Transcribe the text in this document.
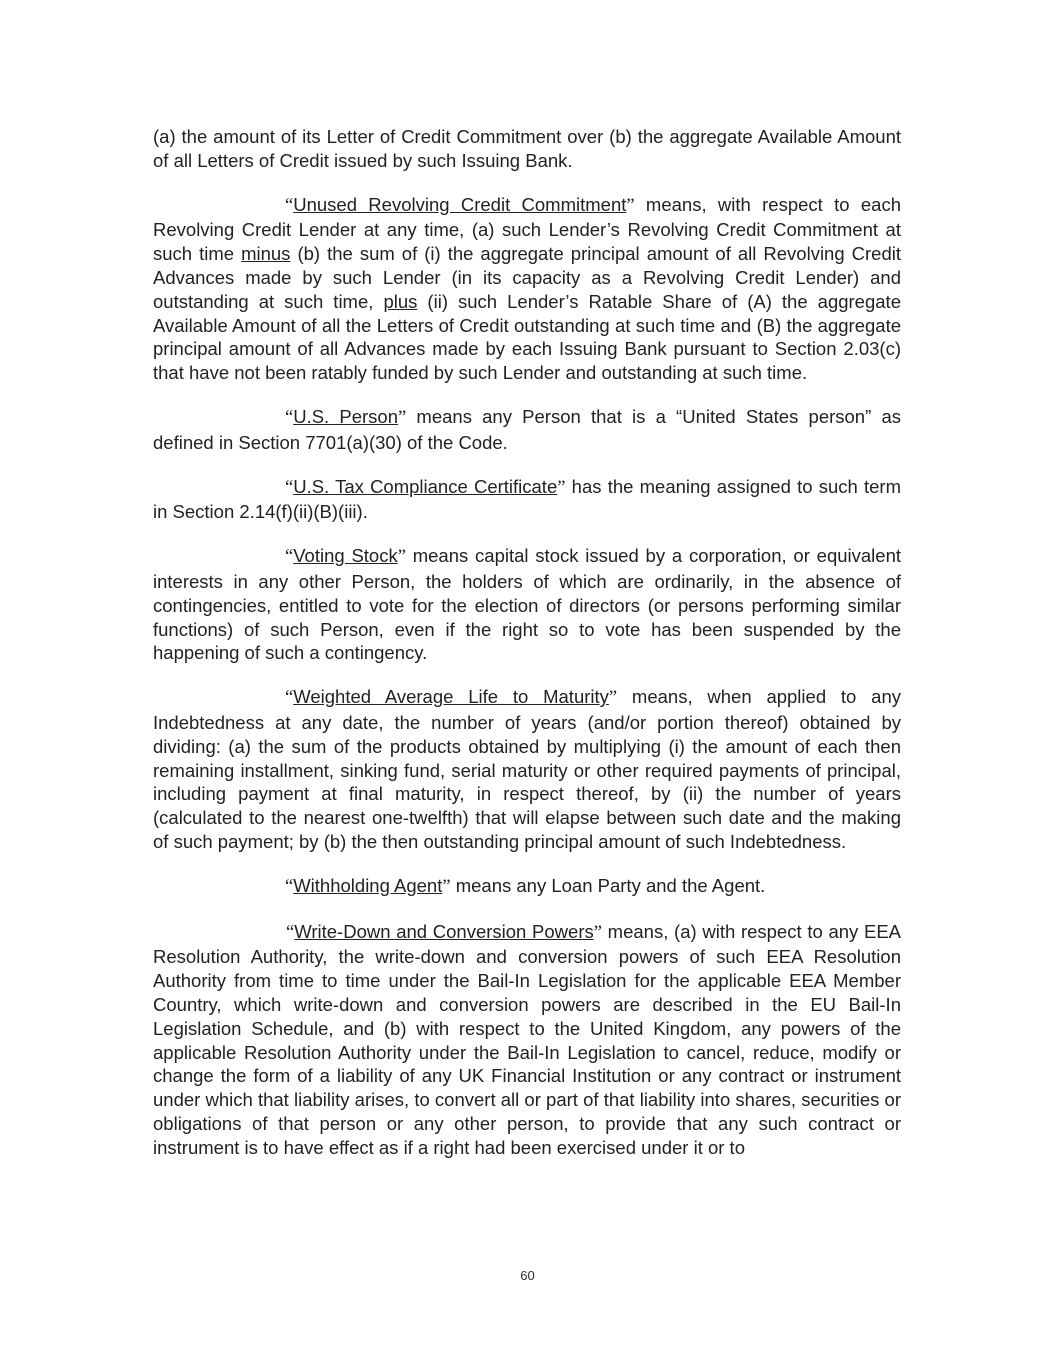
(a) the amount of its Letter of Credit Commitment over (b) the aggregate Available Amount of all Letters of Credit issued by such Issuing Bank.

“Unused Revolving Credit Commitment” means, with respect to each Revolving Credit Lender at any time, (a) such Lender’s Revolving Credit Commitment at such time minus (b) the sum of (i) the aggregate principal amount of all Revolving Credit Advances made by such Lender (in its capacity as a Revolving Credit Lender) and outstanding at such time, plus (ii) such Lender’s Ratable Share of (A) the aggregate Available Amount of all the Letters of Credit outstanding at such time and (B) the aggregate principal amount of all Advances made by each Issuing Bank pursuant to Section 2.03(c) that have not been ratably funded by such Lender and outstanding at such time.

“U.S. Person” means any Person that is a “United States person” as defined in Section 7701(a)(30) of the Code.

“U.S. Tax Compliance Certificate” has the meaning assigned to such term in Section 2.14(f)(ii)(B)(iii).

“Voting Stock” means capital stock issued by a corporation, or equivalent interests in any other Person, the holders of which are ordinarily, in the absence of contingencies, entitled to vote for the election of directors (or persons performing similar functions) of such Person, even if the right so to vote has been suspended by the happening of such a contingency.

“Weighted Average Life to Maturity” means, when applied to any Indebtedness at any date, the number of years (and/or portion thereof) obtained by dividing: (a) the sum of the products obtained by multiplying (i) the amount of each then remaining installment, sinking fund, serial maturity or other required payments of principal, including payment at final maturity, in respect thereof, by (ii) the number of years (calculated to the nearest one-twelfth) that will elapse between such date and the making of such payment; by (b) the then outstanding principal amount of such Indebtedness.

“Withholding Agent” means any Loan Party and the Agent.

“Write-Down and Conversion Powers” means, (a) with respect to any EEA Resolution Authority, the write-down and conversion powers of such EEA Resolution Authority from time to time under the Bail-In Legislation for the applicable EEA Member Country, which write-down and conversion powers are described in the EU Bail-In Legislation Schedule, and (b) with respect to the United Kingdom, any powers of the applicable Resolution Authority under the Bail-In Legislation to cancel, reduce, modify or change the form of a liability of any UK Financial Institution or any contract or instrument under which that liability arises, to convert all or part of that liability into shares, securities or obligations of that person or any other person, to provide that any such contract or instrument is to have effect as if a right had been exercised under it or to

60
